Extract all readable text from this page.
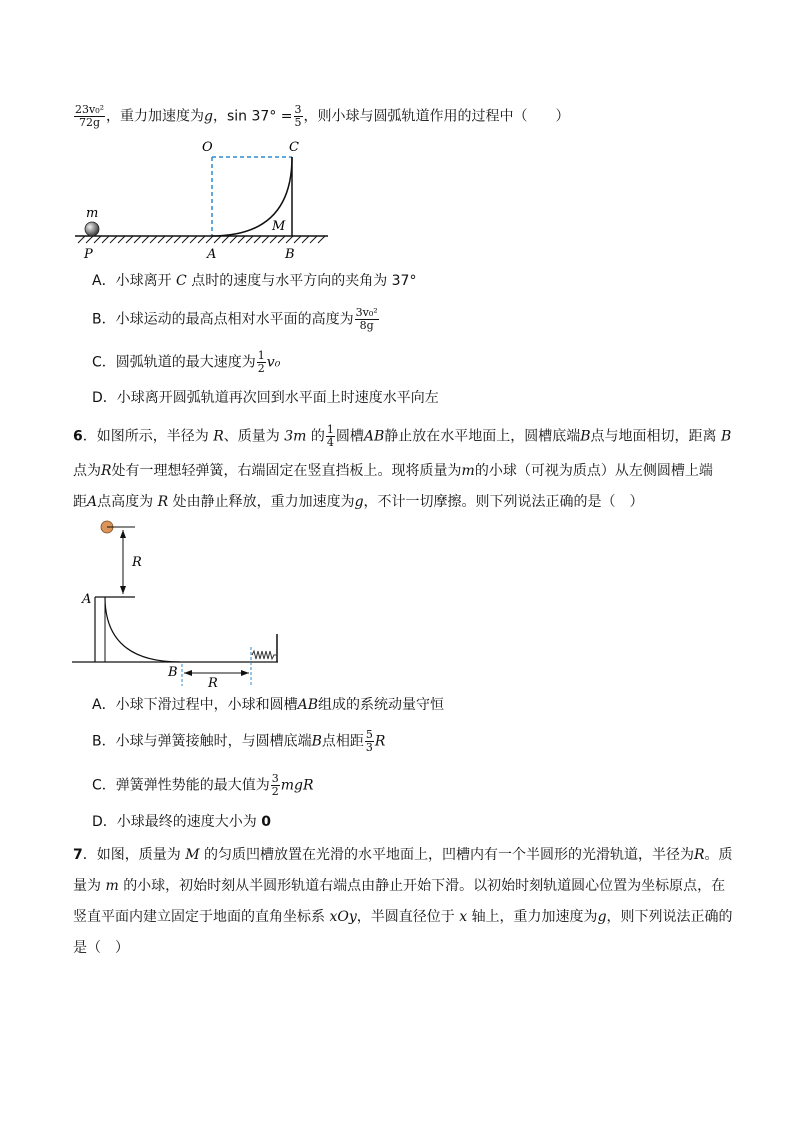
$\frac{\text{23v₀²}}{72g}$ ，重力加速度为g，$\sin 37^\circ = \frac{3}{5}$ ，则小球与圆弧轨道作用的过程中（　　）
O	C
m
M
P	A	B
A．小球离开 C 点时的速度与水平方向的夹角为 37°
B．小球运动的最高点相对水平面的高度为 $\frac{\text{3v₀²}}{8g}$
C．圆弧轨道的最大速度为 $\frac{1}{2} v_0$
D．小球离开圆弧轨道再次回到水平面上时速度水平向左
6．如图所示，半径为 R、质量为 3m 的 $\frac{1}{4}$ 圆槽AB静止放在水平地面上，圆槽底端B点与地面相切，距离 B
点为R处有一理想轻弹簧，右端固定在竖直挡板上。现将质量为m的小球（可视为质点）从左侧圆槽上端
距A点高度为 R 处由静止释放，重力加速度为g，不计一切摩擦。则下列说法正确的是（　）
R
A
B
R
A．小球下滑过程中，小球和圆槽AB组成的系统动量守恒
B．小球与弹簧接触时，与圆槽底端B点相距 $\frac{5}{3}$ R
C．弹簧弹性势能的最大值为 $\frac{3}{2}$ mgR
D．小球最终的速度大小为 0
7．如图，质量为 M 的匀质凹槽放置在光滑的水平地面上，凹槽内有一个半圆形的光滑轨道，半径为R。质
量为 m 的小球，初始时刻从半圆形轨道右端点由静止开始下滑。以初始时刻轨道圆心位置为坐标原点，在
竖直平面内建立固定于地面的直角坐标系 xOy，半圆直径位于 x 轴上，重力加速度为g，则下列说法正确的
是（　）
